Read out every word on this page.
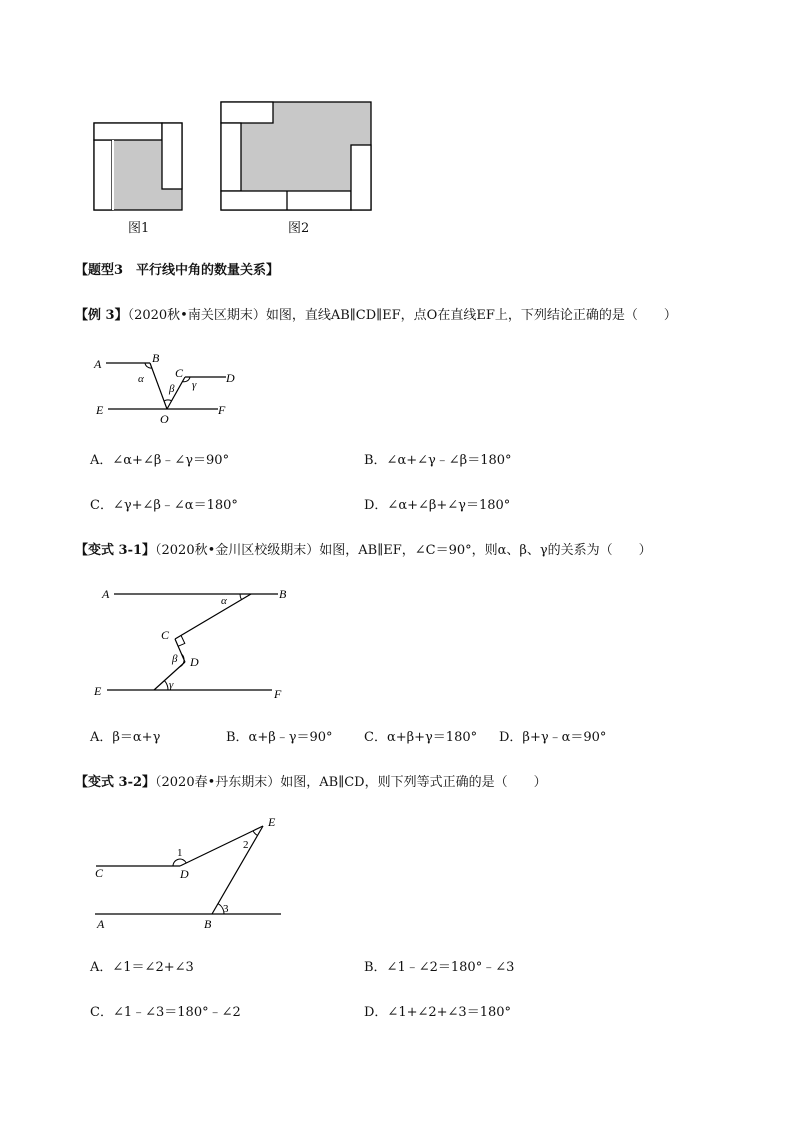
图1	图2
【题型3　平行线中角的数量关系】
【例 3】（2020秋•南关区期末）如图，直线AB∥CD∥EF，点O在直线EF上，下列结论正确的是（　　）
A	B
C	D
E	F
O
α
β γ
A．∠α+∠β﹣∠γ＝90°	B．∠α+∠γ﹣∠β＝180°
C．∠γ+∠β﹣∠α＝180°	D．∠α+∠β+∠γ＝180°
【变式 3-1】（2020秋•金川区校级期末）如图，AB∥EF，∠C＝90°，则α、β、γ的关系为（　　）
A	B
C
D
E	F
α
β
γ
A．β＝α+γ	B．α+β﹣γ＝90° C．α+β+γ＝180° D．β+γ﹣α＝90°
【变式 3-2】（2020春•丹东期末）如图，AB∥CD，则下列等式正确的是（　　）
C	D
E
A	B
1
2
3
A．∠1＝∠2+∠3	B．∠1﹣∠2＝180°﹣∠3
C．∠1﹣∠3＝180°﹣∠2	D．∠1+∠2+∠3＝180°
